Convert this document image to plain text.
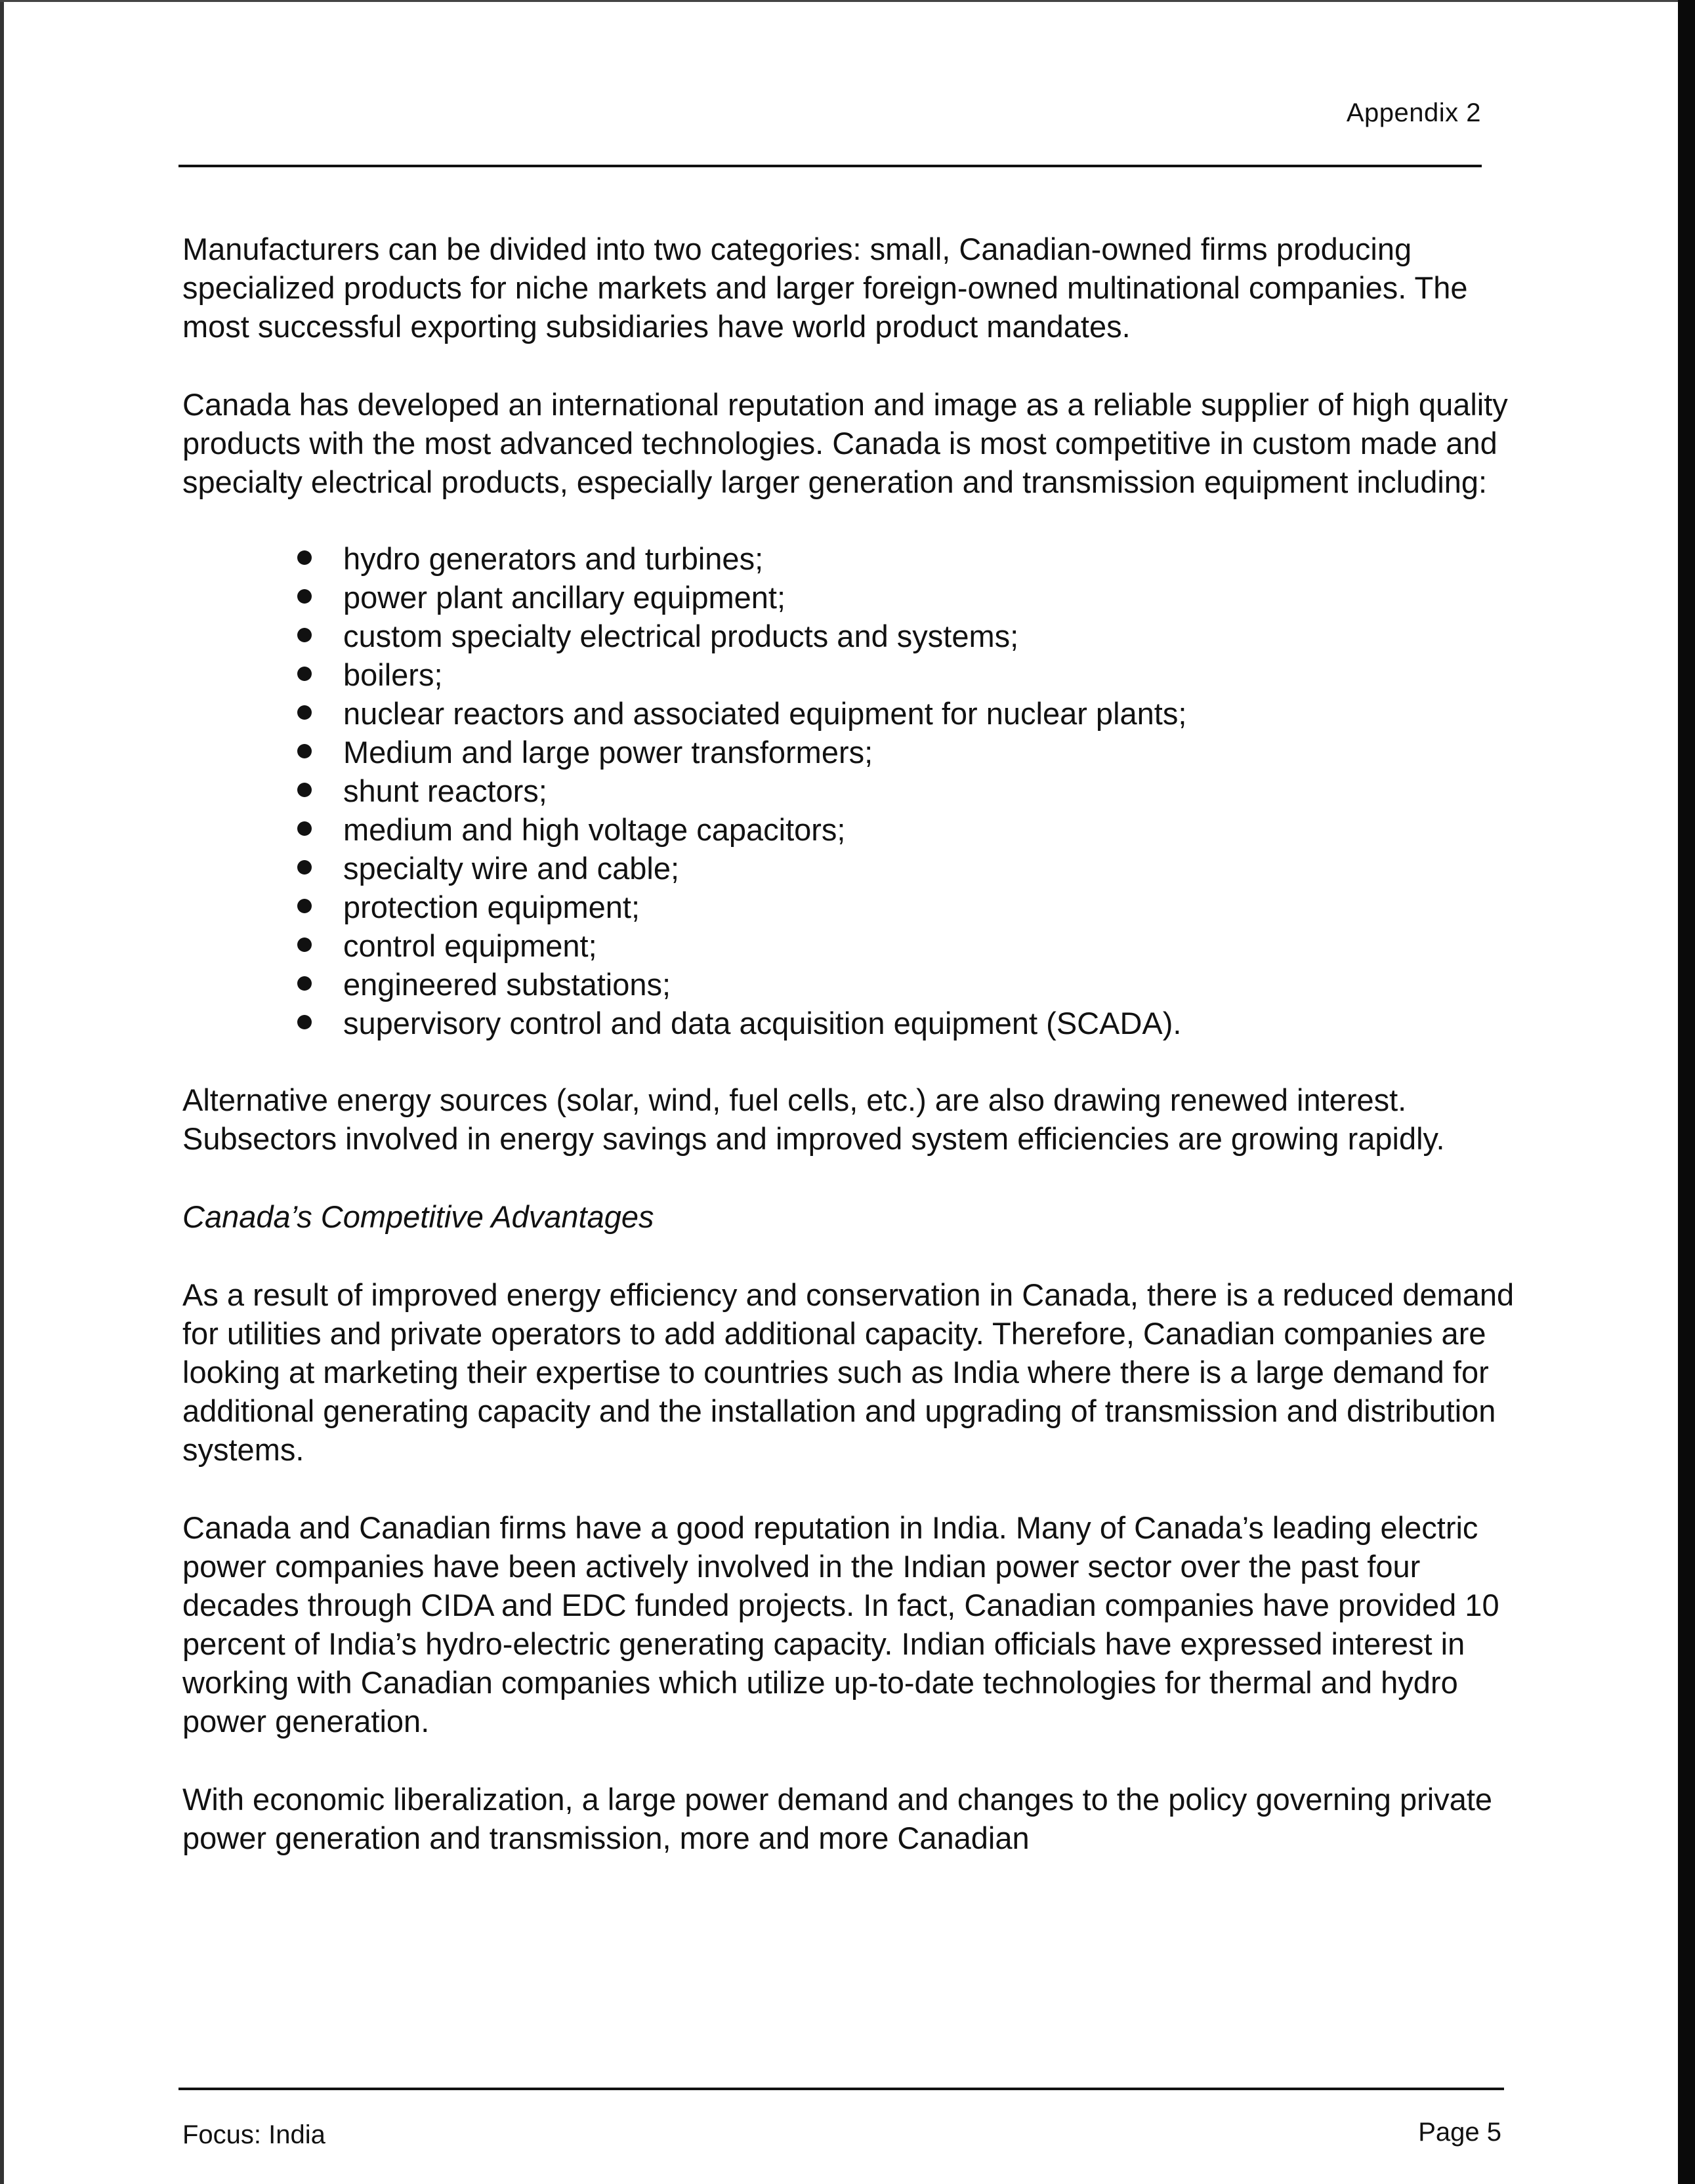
Appendix 2

Manufacturers can be divided into two categories: small, Canadian-owned firms producing specialized products for niche markets and larger foreign-owned multinational companies. The most successful exporting subsidiaries have world product mandates.

Canada has developed an international reputation and image as a reliable supplier of high quality products with the most advanced technologies. Canada is most competitive in custom made and specialty electrical products, especially larger generation and transmission equipment including:

hydro generators and turbines;
power plant ancillary equipment;
custom specialty electrical products and systems;
boilers;
nuclear reactors and associated equipment for nuclear plants;
Medium and large power transformers;
shunt reactors;
medium and high voltage capacitors;
specialty wire and cable;
protection equipment;
control equipment;
engineered substations;
supervisory control and data acquisition equipment (SCADA).

Alternative energy sources (solar, wind, fuel cells, etc.) are also drawing renewed interest. Subsectors involved in energy savings and improved system efficiencies are growing rapidly.

Canada’s Competitive Advantages

As a result of improved energy efficiency and conservation in Canada, there is a reduced demand for utilities and private operators to add additional capacity. Therefore, Canadian companies are looking at marketing their expertise to countries such as India where there is a large demand for additional generating capacity and the installation and upgrading of transmission and distribution systems.

Canada and Canadian firms have a good reputation in India. Many of Canada’s leading electric power companies have been actively involved in the Indian power sector over the past four decades through CIDA and EDC funded projects. In fact, Canadian companies have provided 10 percent of India’s hydro-electric generating capacity. Indian officials have expressed interest in working with Canadian companies which utilize up-to-date technologies for thermal and hydro power generation.

With economic liberalization, a large power demand and changes to the policy governing private power generation and transmission, more and more Canadian

Focus: India	Page 5
